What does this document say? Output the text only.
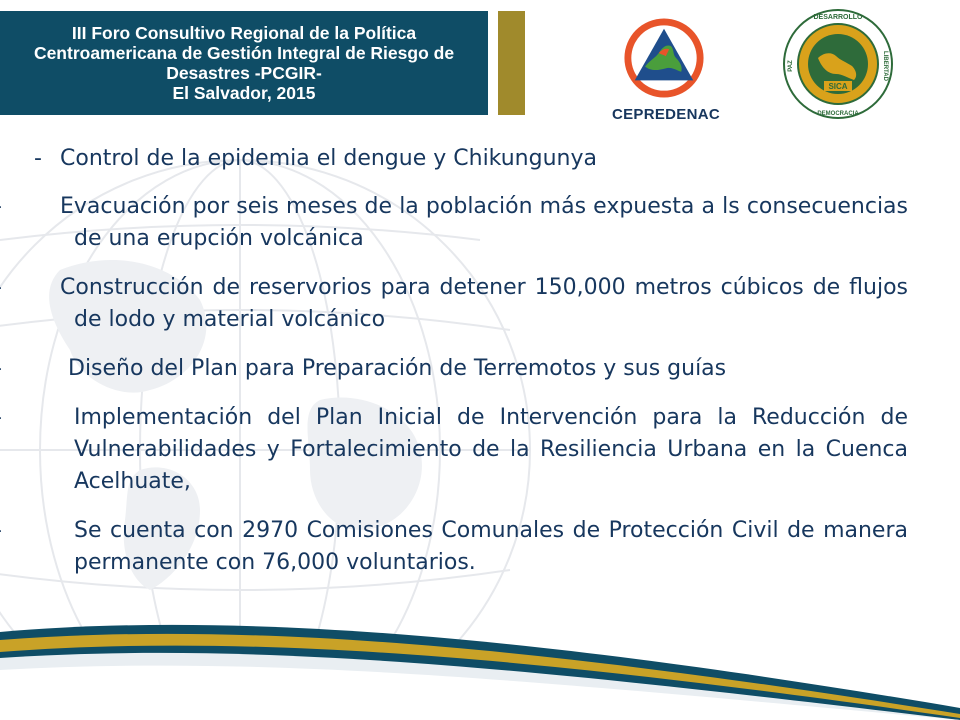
III Foro Consultivo Regional de la Política
Centroamericana de Gestión Integral de Riesgo de
Desastres -PCGIR-
El Salvador, 2015
CEPREDENAC
SICA
DESARROLLO
DEMOCRACIA
PAZ	LIBERTAD

- Control de la epidemia el dengue y Chikungunya

Evacuación por seis meses de la población más expuesta a ls consecuencias de una erupción volcánica

Construcción de reservorios para detener 150,000 metros cúbicos de flujos de lodo y material volcánico

Diseño del Plan para Preparación de Terremotos y sus guías

Implementación del Plan Inicial de Intervención para la Reducción de Vulnerabilidades y Fortalecimiento de la Resiliencia Urbana en la Cuenca Acelhuate,

Se cuenta con 2970 Comisiones Comunales de Protección Civil de manera permanente con 76,000 voluntarios.
